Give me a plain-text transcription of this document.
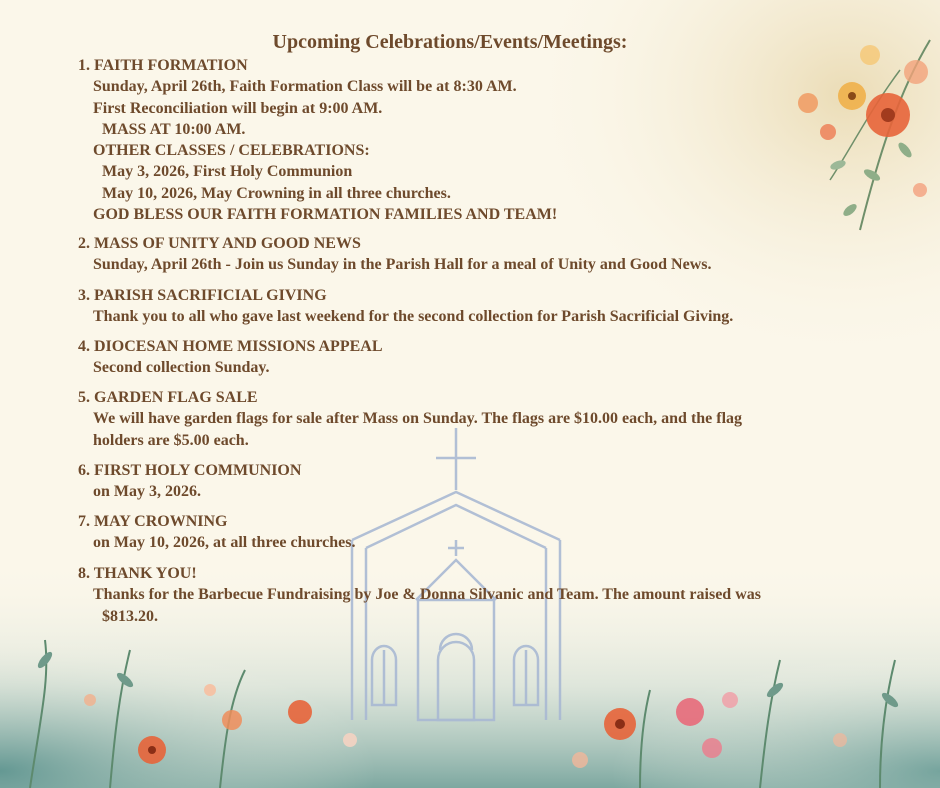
Upcoming Celebrations/Events/Meetings:
1. FAITH FORMATION
Sunday, April 26th, Faith Formation Class will be at 8:30 AM.
First Reconciliation will begin at 9:00 AM.
MASS AT 10:00 AM.
OTHER CLASSES / CELEBRATIONS:
May 3, 2026, First Holy Communion
May 10, 2026, May Crowning in all three churches.
GOD BLESS OUR FAITH FORMATION FAMILIES AND TEAM!
2. MASS OF UNITY AND GOOD NEWS
Sunday, April 26th - Join us Sunday in the Parish Hall for a meal of Unity and Good News.
3. PARISH SACRIFICIAL GIVING
Thank you to all who gave last weekend for the second collection for Parish Sacrificial Giving.
4. DIOCESAN HOME MISSIONS APPEAL
Second collection Sunday.
5. GARDEN FLAG SALE
We will have garden flags for sale after Mass on Sunday. The flags are $10.00 each, and the flag
holders are $5.00 each.
6. FIRST HOLY COMMUNION
on May 3, 2026.
7. MAY CROWNING
on May 10, 2026, at all three churches.
8. THANK YOU!
Thanks for the Barbecue Fundraising by Joe & Donna Silvanic and Team. The amount raised was
$813.20.
